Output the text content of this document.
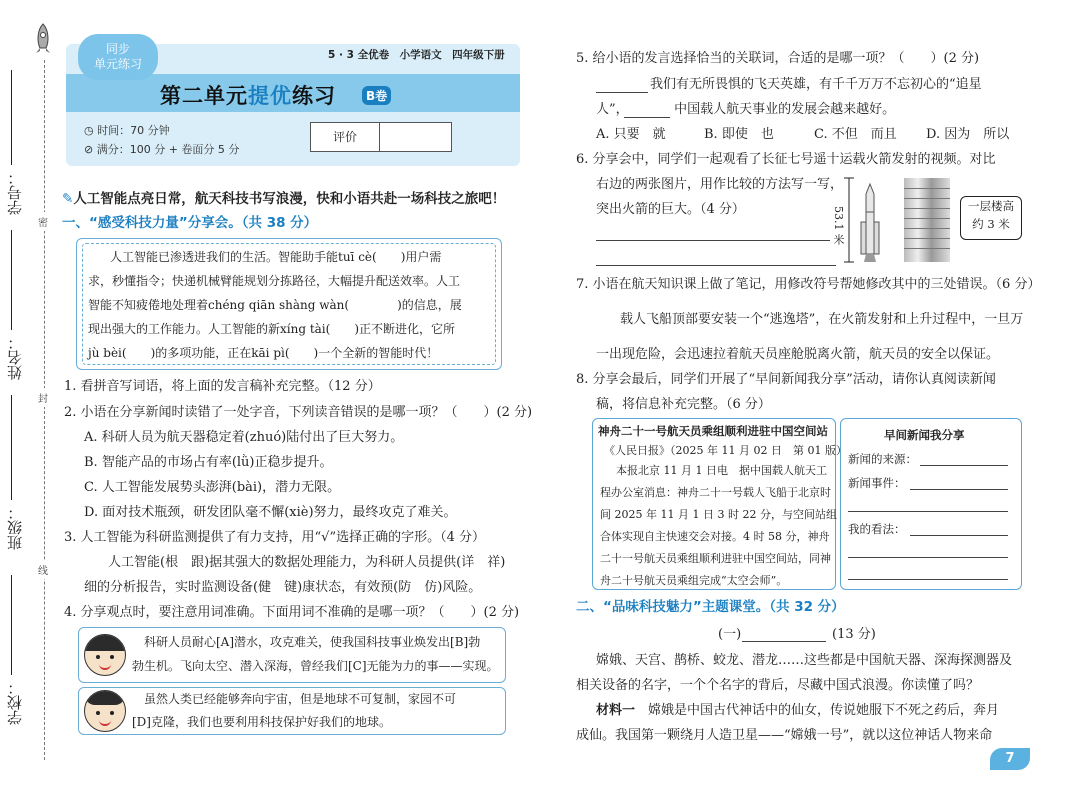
学号：
姓名：
班级：
学校：
密
封
线
同步
单元练习
5 · 3 全优卷　小学语文　四年级下册
第二单元提优练习	B卷
◷ 时间：70 分钟
⊘ 满分：100 分 + 卷面分 5 分
评价
✎人工智能点亮日常，航天科技书写浪漫，快和小语共赴一场科技之旅吧！
一、“感受科技力量”分享会。（共 38 分）
人工智能已渗透进我们的生活。智能助手能tuī cè(　　)用户需
求，秒懂指令；快递机械臂能规划分拣路径，大幅提升配送效率。人工
智能不知疲倦地处理着chéng qiān shàng wàn(　　　　)的信息，展
现出强大的工作能力。人工智能的新xíng tài(　　)正不断进化，它所
jù bèi(　　)的多项功能，正在kāi pì(　　)一个全新的智能时代！
1. 看拼音写词语，将上面的发言稿补充完整。（12 分）
2. 小语在分享新闻时读错了一处字音，下列读音错误的是哪一项？（　　）(2 分)
A. 科研人员为航天器稳定着(zhuó)陆付出了巨大努力。
B. 智能产品的市场占有率(lǜ)正稳步提升。
C. 人工智能发展势头澎湃(bài)，潜力无限。
D. 面对技术瓶颈，研发团队毫不懈(xiè)努力，最终攻克了难关。
3. 人工智能为科研监测提供了有力支持，用“√”选择正确的字形。（4 分）
人工智能(根　跟)据其强大的数据处理能力，为科研人员提供(详　祥)
细的分析报告，实时监测设备(健　键)康状态，有效预(防　仿)风险。
4. 分享观点时，要注意用词准确。下面用词不准确的是哪一项？（　　）(2 分)
科研人员耐心[A]潜水，攻克难关，使我国科技事业焕发出[B]勃
勃生机。飞向太空、潜入深海，曾经我们[C]无能为力的事——实现。
虽然人类已经能够奔向宇宙，但是地球不可复制，家园不可
[D]克隆，我们也要利用科技保护好我们的地球。
5. 给小语的发言选择恰当的关联词，合适的是哪一项？（　　）(2 分)
我们有无所畏惧的飞天英雄，有千千万万不忘初心的“追星
人”，　　　　中国载人航天事业的发展会越来越好。
A. 只要　就	B. 即使　也	C. 不但　而且 D. 因为　所以
6. 分享会中，同学们一起观看了长征七号遥十运载火箭发射的视频。对比
右边的两张图片，用作比较的方法写一写，
突出火箭的巨大。（4 分）	53.1 米	一层楼高
约 3 米
7. 小语在航天知识课上做了笔记，用修改符号帮她修改其中的三处错误。（6 分）
载人飞船顶部要安装一个“逃逸塔”，在火箭发射和上升过程中，一旦万
一出现危险，会迅速拉着航天员座舱脱离火箭，航天员的安全以保证。
8. 分享会最后，同学们开展了“早间新闻我分享”活动，请你认真阅读新闻
稿，将信息补充完整。（6 分）
神舟二十一号航天员乘组顺利进驻中国空间站
《人民日报》（2025 年 11 月 02 日　第 01 版）
本报北京 11 月 1 日电　据中国载人航天工
程办公室消息：神舟二十一号载人飞船于北京时
间 2025 年 11 月 1 日 3 时 22 分，与空间站组
合体实现自主快速交会对接。4 时 58 分，神舟
二十一号航天员乘组顺利进驻中国空间站，同神
舟二十号航天员乘组完成“太空会师”。
早间新闻我分享
新闻的来源：
新闻事件：
我的看法：
二、“品味科技魅力”主题课堂。（共 32 分）
(一)	(13 分)
嫦娥、天宫、鹊桥、蛟龙、潜龙……这些都是中国航天器、深海探测器及
相关设备的名字，一个个名字的背后，尽藏中国式浪漫。你读懂了吗？
材料一　嫦娥是中国古代神话中的仙女，传说她服下不死之药后，奔月
成仙。我国第一颗绕月人造卫星——“嫦娥一号”，就以这位神话人物来命
7
